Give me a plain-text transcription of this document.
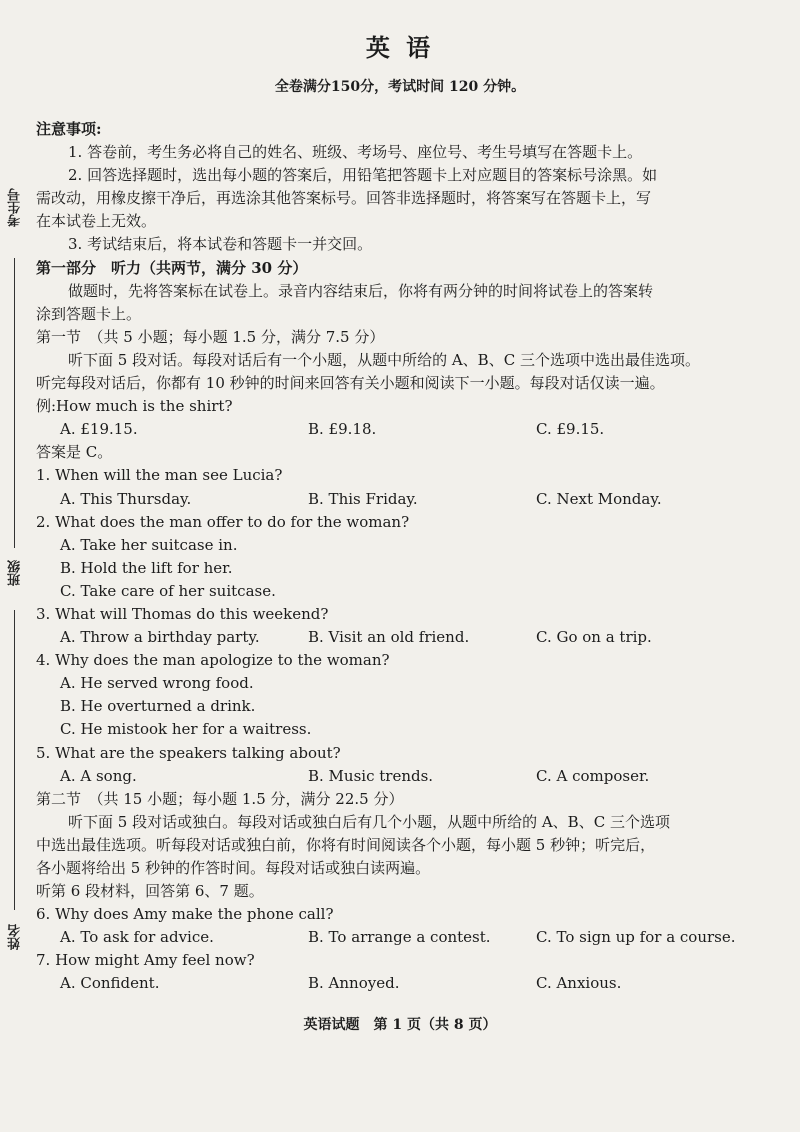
考生号
班级
姓名
英 语
全卷满分150分，考试时间 120 分钟。
注意事项:
1. 答卷前，考生务必将自己的姓名、班级、考场号、座位号、考生号填写在答题卡上。
2. 回答选择题时，选出每小题的答案后，用铅笔把答题卡上对应题目的答案标号涂黑。如
需改动，用橡皮擦干净后，再选涂其他答案标号。回答非选择题时，将答案写在答题卡上，写
在本试卷上无效。
3. 考试结束后，将本试卷和答题卡一并交回。
第一部分　听力（共两节，满分 30 分）
做题时，先将答案标在试卷上。录音内容结束后，你将有两分钟的时间将试卷上的答案转
涂到答题卡上。
第一节　（共 5 小题；每小题 1.5 分，满分 7.5 分）
听下面 5 段对话。每段对话后有一个小题，从题中所给的 A、B、C 三个选项中选出最佳选项。
听完每段对话后，你都有 10 秒钟的时间来回答有关小题和阅读下一小题。每段对话仅读一遍。
例:How much is the shirt?
A. £19.15.	B. £9.18.	C. £9.15.
答案是 C。
1. When will the man see Lucia?
A. This Thursday.	B. This Friday.	C. Next Monday.
2. What does the man offer to do for the woman?
A. Take her suitcase in.
B. Hold the lift for her.
C. Take care of her suitcase.
3. What will Thomas do this weekend?
A. Throw a birthday party.	B. Visit an old friend.	C. Go on a trip.
4. Why does the man apologize to the woman?
A. He served wrong food.
B. He overturned a drink.
C. He mistook her for a waitress.
5. What are the speakers talking about?
A. A song.	B. Music trends.	C. A composer.
第二节　（共 15 小题；每小题 1.5 分，满分 22.5 分）
听下面 5 段对话或独白。每段对话或独白后有几个小题，从题中所给的 A、B、C 三个选项
中选出最佳选项。听每段对话或独白前，你将有时间阅读各个小题，每小题 5 秒钟；听完后，
各小题将给出 5 秒钟的作答时间。每段对话或独白读两遍。
听第 6 段材料，回答第 6、7 题。
6. Why does Amy make the phone call?
A. To ask for advice.	B. To arrange a contest.	C. To sign up for a course.
7. How might Amy feel now?
A. Confident.	B. Annoyed.	C. Anxious.
英语试题　第 1 页（共 8 页）
